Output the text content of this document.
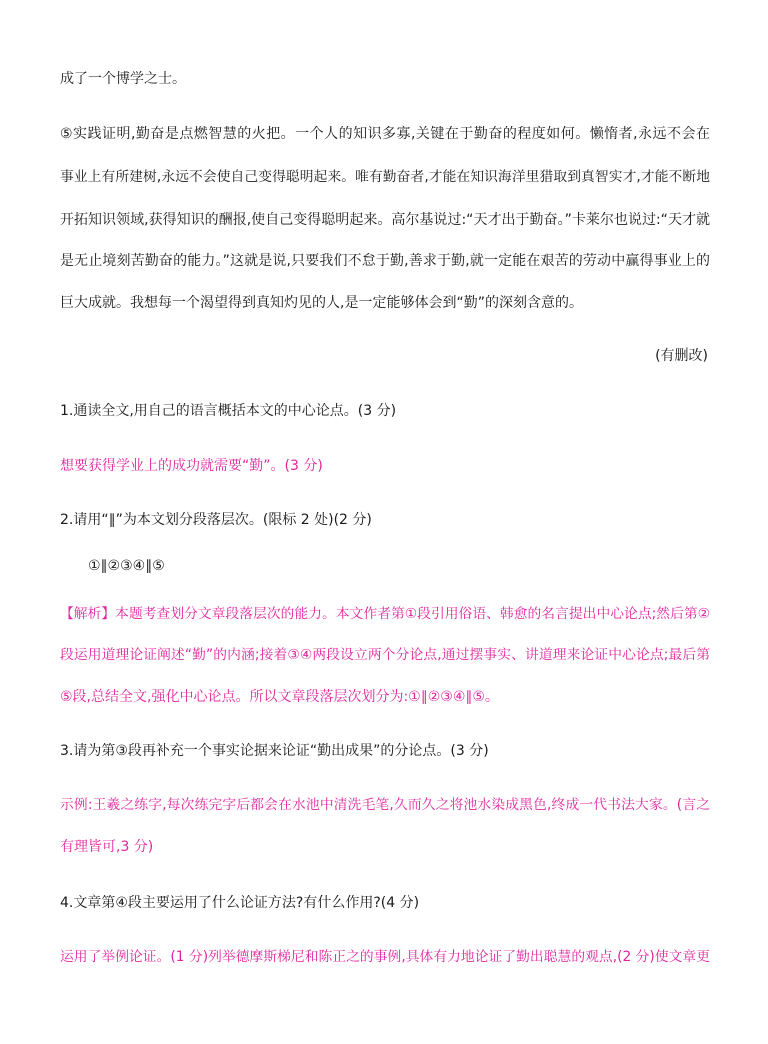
成了一个博学之士。
⑤实践证明,勤奋是点燃智慧的火把。一个人的知识多寡,关键在于勤奋的程度如何。懒惰者,永远不会在
事业上有所建树,永远不会使自己变得聪明起来。唯有勤奋者,才能在知识海洋里猎取到真智实才,才能不断地
开拓知识领域,获得知识的酬报,使自己变得聪明起来。高尔基说过:“天才出于勤奋。”卡莱尔也说过:“天才就
是无止境刻苦勤奋的能力。”这就是说,只要我们不怠于勤,善求于勤,就一定能在艰苦的劳动中赢得事业上的
巨大成就。我想每一个渴望得到真知灼见的人,是一定能够体会到“勤”的深刻含意的。
(有删改)
1.通读全文,用自己的语言概括本文的中心论点。(3 分)
想要获得学业上的成功就需要“勤”。(3 分)
2.请用“∥”为本文划分段落层次。(限标 2 处)(2 分)
①∥②③④∥⑤
【解析】本题考查划分文章段落层次的能力。本文作者第①段引用俗语、韩愈的名言提出中心论点;然后第②
段运用道理论证阐述“勤”的内涵;接着③④两段设立两个分论点,通过摆事实、讲道理来论证中心论点;最后第
⑤段,总结全文,强化中心论点。所以文章段落层次划分为:①∥②③④∥⑤。
3.请为第③段再补充一个事实论据来论证“勤出成果”的分论点。(3 分)
示例:王羲之练字,每次练完字后都会在水池中清洗毛笔,久而久之将池水染成黑色,终成一代书法大家。(言之
有理皆可,3 分)
4.文章第④段主要运用了什么论证方法?有什么作用?(4 分)
运用了举例论证。(1 分)列举德摩斯梯尼和陈正之的事例,具体有力地论证了勤出聪慧的观点,(2 分)使文章更
